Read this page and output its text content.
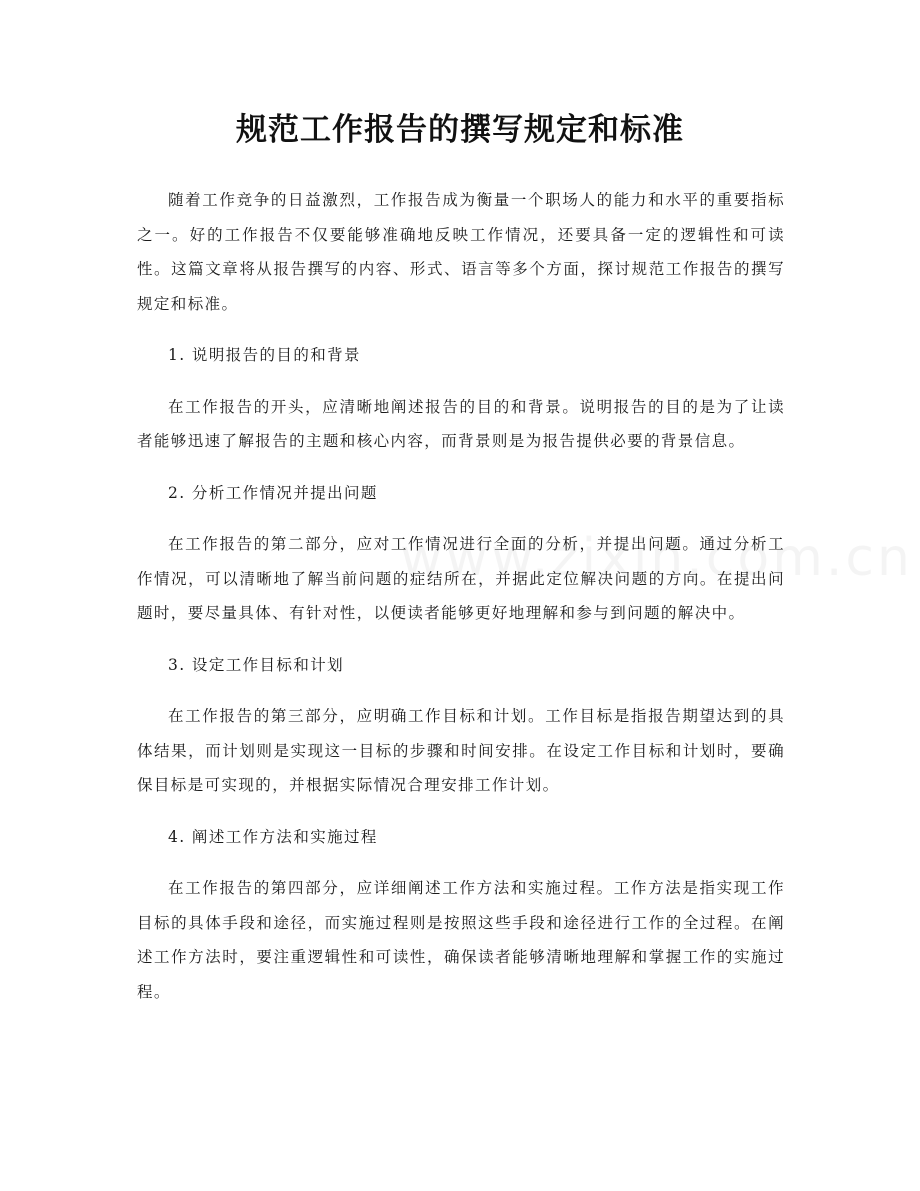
规范工作报告的撰写规定和标准

随着工作竞争的日益激烈，工作报告成为衡量一个职场人的能力和水平的重要指标之一。好的工作报告不仅要能够准确地反映工作情况，还要具备一定的逻辑性和可读性。这篇文章将从报告撰写的内容、形式、语言等多个方面，探讨规范工作报告的撰写规定和标准。

1. 说明报告的目的和背景

在工作报告的开头，应清晰地阐述报告的目的和背景。说明报告的目的是为了让读者能够迅速了解报告的主题和核心内容，而背景则是为报告提供必要的背景信息。

2. 分析工作情况并提出问题

在工作报告的第二部分，应对工作情况进行全面的分析，并提出问题。通过分析工作情况，可以清晰地了解当前问题的症结所在，并据此定位解决问题的方向。在提出问题时，要尽量具体、有针对性，以便读者能够更好地理解和参与到问题的解决中。

3. 设定工作目标和计划

在工作报告的第三部分，应明确工作目标和计划。工作目标是指报告期望达到的具体结果，而计划则是实现这一目标的步骤和时间安排。在设定工作目标和计划时，要确保目标是可实现的，并根据实际情况合理安排工作计划。

4. 阐述工作方法和实施过程

在工作报告的第四部分，应详细阐述工作方法和实施过程。工作方法是指实现工作目标的具体手段和途径，而实施过程则是按照这些手段和途径进行工作的全过程。在阐述工作方法时，要注重逻辑性和可读性，确保读者能够清晰地理解和掌握工作的实施过程。
